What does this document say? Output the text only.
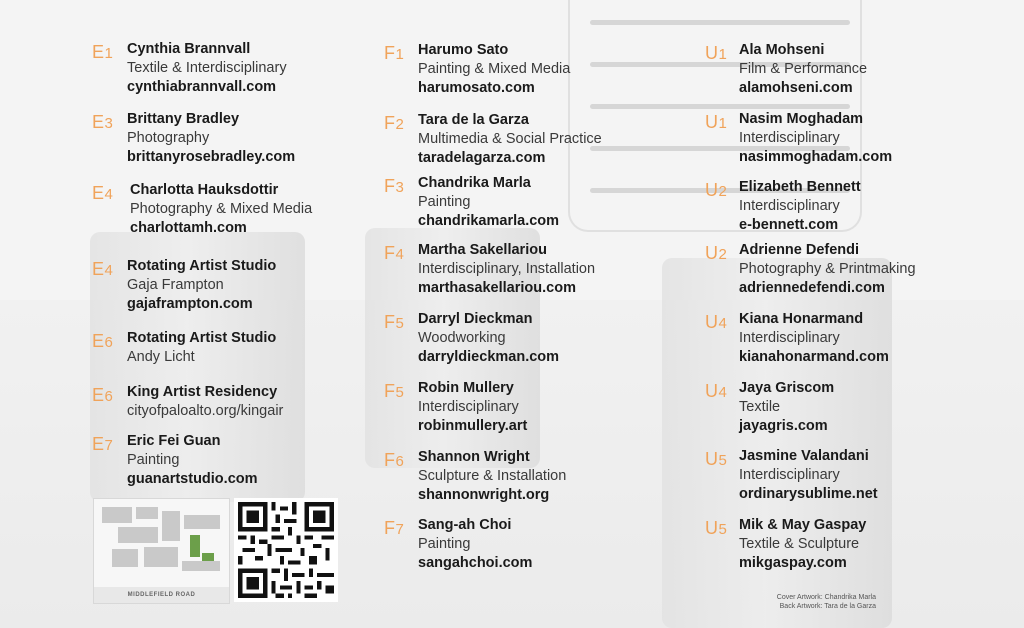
E1 Cynthia Brannvall
Textile & Interdisciplinary
cynthiabrannvall.com
E3 Brittany Bradley
Photography
brittanyrosebradley.com
E4 Charlotta Hauksdottir
Photography & Mixed Media
charlottamh.com
E4 Rotating Artist Studio
Gaja Frampton
gajaframpton.com
E6 Rotating Artist Studio
Andy Licht
E6 King Artist Residency
cityofpaloalto.org/kingair
E7 Eric Fei Guan
Painting
guanartstudio.com
F1 Harumo Sato
Painting & Mixed Media
harumosato.com
F2 Tara de la Garza
Multimedia & Social Practice
taradelagarza.com
F3 Chandrika Marla
Painting
chandrikamarla.com
F4 Martha Sakellariou
Interdisciplinary, Installation
marthasakellariou.com
F5 Darryl Dieckman
Woodworking
darryldieckman.com
F5 Robin Mullery
Interdisciplinary
robinmullery.art
F6 Shannon Wright
Sculpture & Installation
shannonwright.org
F7 Sang-ah Choi
Painting
sangahchoi.com
U1 Ala Mohseni
Film & Performance
alamohseni.com
U1 Nasim Moghadam
Interdisciplinary
nasimmoghadam.com
U2 Elizabeth Bennett
Interdisciplinary
e-bennett.com
U2 Adrienne Defendi
Photography & Printmaking
adriennedefendi.com
U4 Kiana Honarmand
Interdisciplinary
kianahonarmand.com
U4 Jaya Griscom
Textile
jayagris.com
U5 Jasmine Valandani
Interdisciplinary
ordinarysublime.net
U5 Mik & May Gaspay
Textile & Sculpture
mikgaspay.com
MIDDLEFIELD ROAD	Cover Artwork: Chandrika Marla
Back Artwork: Tara de la Garza
